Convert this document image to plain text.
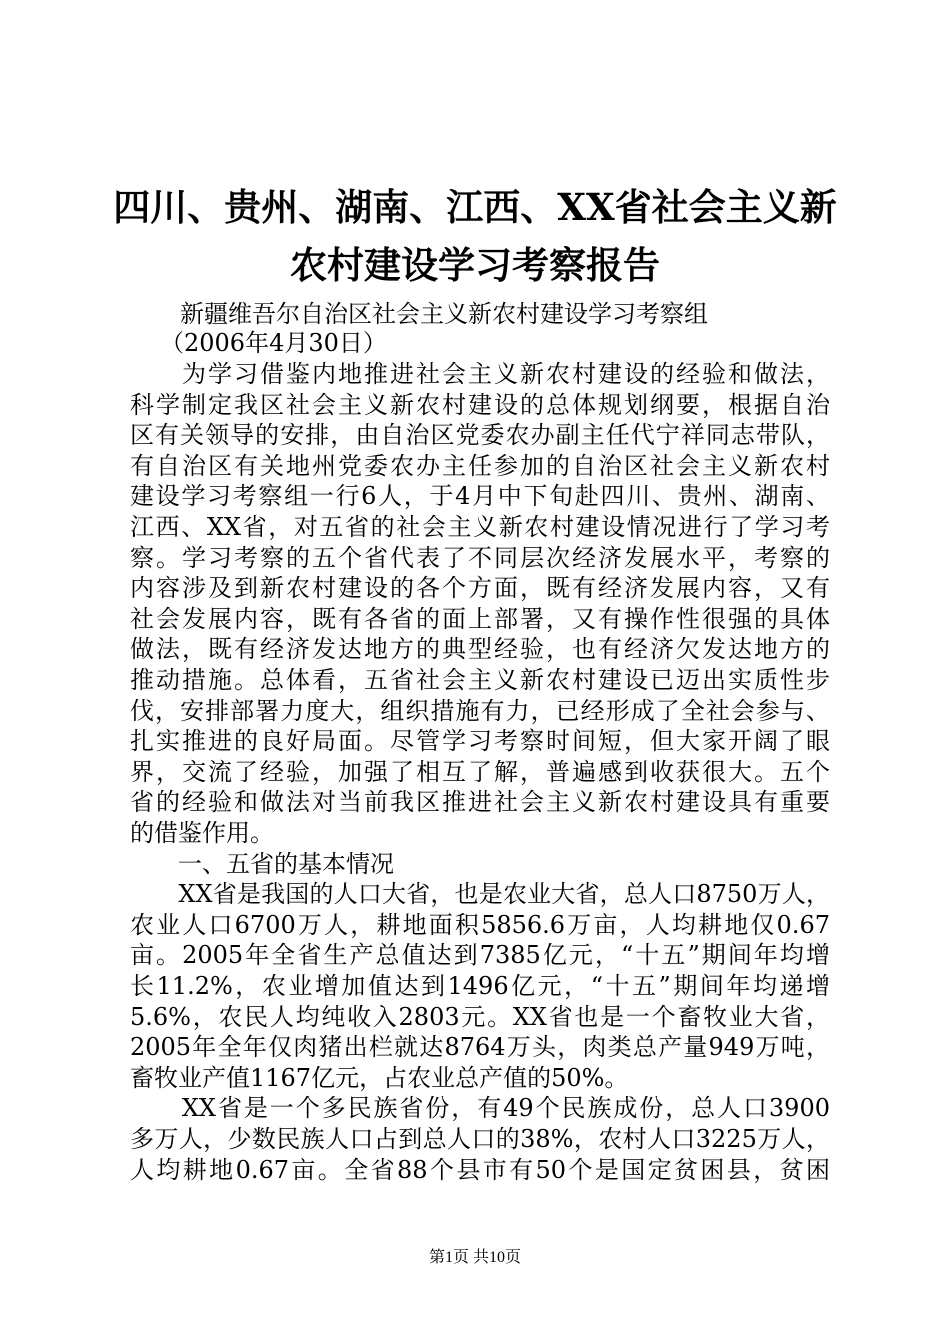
四川、贵州、湖南、江西、XX省社会主义新
农村建设学习考察报告
新疆维吾尔自治区社会主义新农村建设学习考察组
（2006年4月30日）
　　为学习借鉴内地推进社会主义新农村建设的经验和做法，
科学制定我区社会主义新农村建设的总体规划纲要，根据自治
区有关领导的安排，由自治区党委农办副主任代宁祥同志带队，
有自治区有关地州党委农办主任参加的自治区社会主义新农村
建设学习考察组一行6人，于4月中下旬赴四川、贵州、湖南、
江西、XX省，对五省的社会主义新农村建设情况进行了学习考
察。学习考察的五个省代表了不同层次经济发展水平，考察的
内容涉及到新农村建设的各个方面，既有经济发展内容，又有
社会发展内容，既有各省的面上部署，又有操作性很强的具体
做法，既有经济发达地方的典型经验，也有经济欠发达地方的
推动措施。总体看，五省社会主义新农村建设已迈出实质性步
伐，安排部署力度大，组织措施有力，已经形成了全社会参与、
扎实推进的良好局面。尽管学习考察时间短，但大家开阔了眼
界，交流了经验，加强了相互了解，普遍感到收获很大。五个
省的经验和做法对当前我区推进社会主义新农村建设具有重要
的借鉴作用。
　　一、五省的基本情况
　　XX省是我国的人口大省，也是农业大省，总人口8750万人，
农业人口6700万人，耕地面积5856.6万亩，人均耕地仅0.67
亩。2005年全省生产总值达到7385亿元，“十五”期间年均增
长11.2%，农业增加值达到1496亿元，“十五”期间年均递增
5.6%，农民人均纯收入2803元。XX省也是一个畜牧业大省，
2005年全年仅肉猪出栏就达8764万头，肉类总产量949万吨，
畜牧业产值1167亿元，占农业总产值的50%。
　　XX省是一个多民族省份，有49个民族成份，总人口3900
多万人，少数民族人口占到总人口的38%，农村人口3225万人，
人均耕地0.67亩。全省88个县市有50个是国定贫困县，贫困
第1页 共10页
